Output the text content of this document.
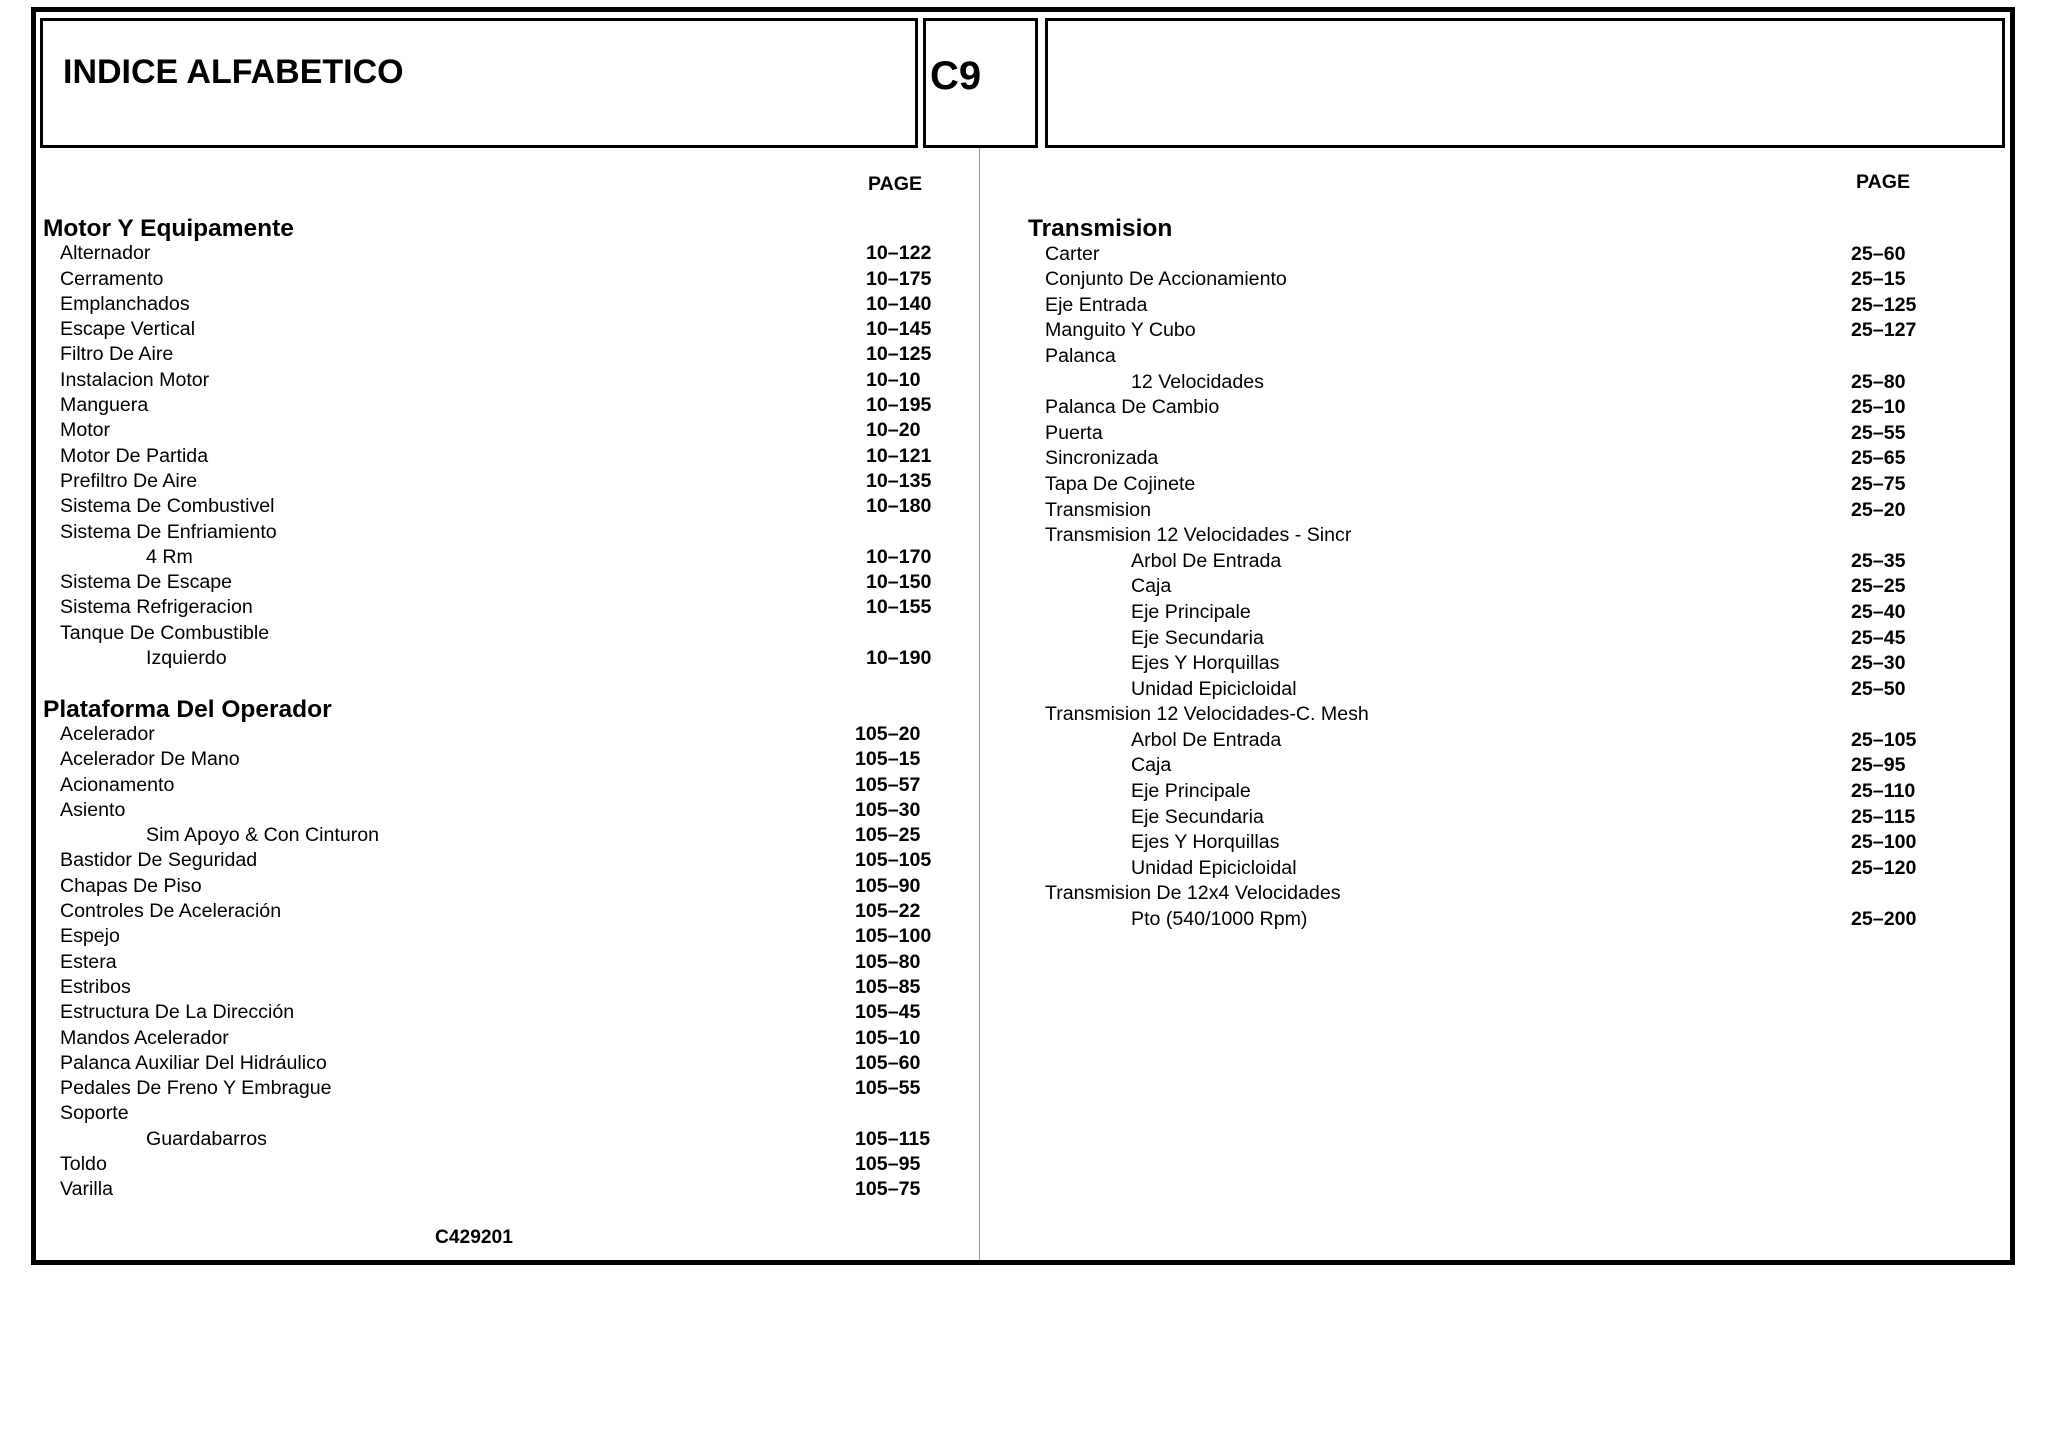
INDICE ALFABETICO	C9
PAGE	PAGE
Motor Y Equipamente
Alternador	10–122
Cerramento	10–175
Emplanchados	10–140
Escape Vertical	10–145
Filtro De Aire	10–125
Instalacion Motor	10–10
Manguera	10–195
Motor	10–20
Motor De Partida	10–121
Prefiltro De Aire	10–135
Sistema De Combustivel	10–180
Sistema De Enfriamiento
4 Rm	10–170
Sistema De Escape	10–150
Sistema Refrigeracion	10–155
Tanque De Combustible
Izquierdo	10–190
Plataforma Del Operador
Acelerador	105–20
Acelerador De Mano	105–15
Acionamento	105–57
Asiento	105–30
Sim Apoyo & Con Cinturon	105–25
Bastidor De Seguridad	105–105
Chapas De Piso	105–90
Controles De Aceleración	105–22
Espejo	105–100
Estera	105–80
Estribos	105–85
Estructura De La Dirección	105–45
Mandos Acelerador	105–10
Palanca Auxiliar Del Hidráulico	105–60
Pedales De Freno Y Embrague	105–55
Soporte
Guardabarros	105–115
Toldo	105–95
Varilla	105–75
Transmision
Carter	25–60
Conjunto De Accionamiento	25–15
Eje Entrada	25–125
Manguito Y Cubo	25–127
Palanca
12 Velocidades	25–80
Palanca De Cambio	25–10
Puerta	25–55
Sincronizada	25–65
Tapa De Cojinete	25–75
Transmision	25–20
Transmision 12 Velocidades - Sincr
Arbol De Entrada	25–35
Caja	25–25
Eje Principale	25–40
Eje Secundaria	25–45
Ejes Y Horquillas	25–30
Unidad Epicicloidal	25–50
Transmision 12 Velocidades-C. Mesh
Arbol De Entrada	25–105
Caja	25–95
Eje Principale	25–110
Eje Secundaria	25–115
Ejes Y Horquillas	25–100
Unidad Epicicloidal	25–120
Transmision De 12x4 Velocidades
Pto (540/1000 Rpm)	25–200
C429201
